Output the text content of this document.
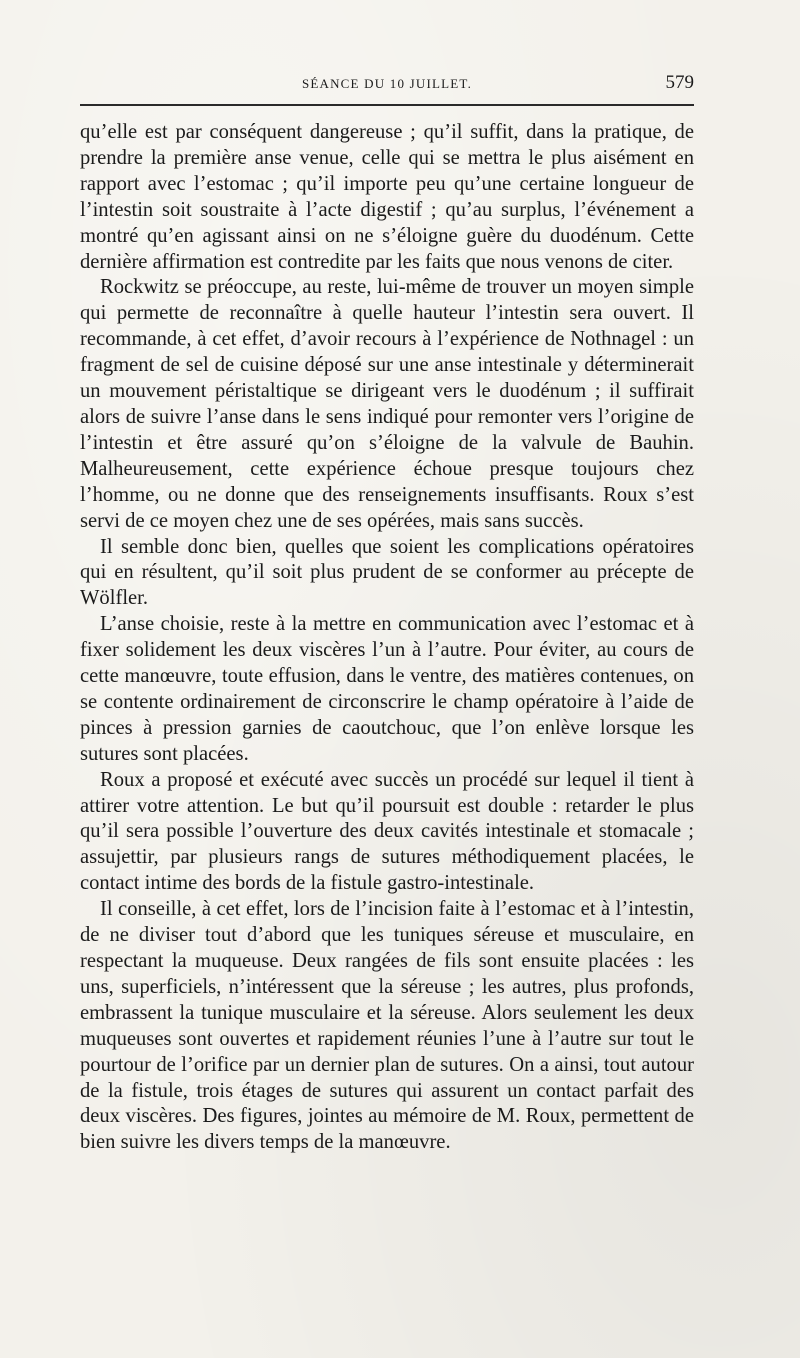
SÉANCE DU 10 JUILLET.	579

qu’elle est par conséquent dangereuse ; qu’il suffit, dans la pratique, de prendre la première anse venue, celle qui se mettra le plus aisément en rapport avec l’estomac ; qu’il importe peu qu’une certaine longueur de l’intestin soit soustraite à l’acte digestif ; qu’au surplus, l’événement a montré qu’en agissant ainsi on ne s’éloigne guère du duodénum. Cette dernière affirmation est contredite par les faits que nous venons de citer.

Rockwitz se préoccupe, au reste, lui-même de trouver un moyen simple qui permette de reconnaître à quelle hauteur l’intestin sera ouvert. Il recommande, à cet effet, d’avoir recours à l’expérience de Nothnagel : un fragment de sel de cuisine déposé sur une anse intestinale y déterminerait un mouvement péristaltique se dirigeant vers le duodénum ; il suffirait alors de suivre l’anse dans le sens indiqué pour remonter vers l’origine de l’intestin et être assuré qu’on s’éloigne de la valvule de Bauhin. Malheureusement, cette expérience échoue presque toujours chez l’homme, ou ne donne que des renseignements insuffisants. Roux s’est servi de ce moyen chez une de ses opérées, mais sans succès.

Il semble donc bien, quelles que soient les complications opératoires qui en résultent, qu’il soit plus prudent de se conformer au précepte de Wölfler.

L’anse choisie, reste à la mettre en communication avec l’estomac et à fixer solidement les deux viscères l’un à l’autre. Pour éviter, au cours de cette manœuvre, toute effusion, dans le ventre, des matières contenues, on se contente ordinairement de circonscrire le champ opératoire à l’aide de pinces à pression garnies de caoutchouc, que l’on enlève lorsque les sutures sont placées.

Roux a proposé et exécuté avec succès un procédé sur lequel il tient à attirer votre attention. Le but qu’il poursuit est double : retarder le plus qu’il sera possible l’ouverture des deux cavités intestinale et stomacale ; assujettir, par plusieurs rangs de sutures méthodiquement placées, le contact intime des bords de la fistule gastro-intestinale.

Il conseille, à cet effet, lors de l’incision faite à l’estomac et à l’intestin, de ne diviser tout d’abord que les tuniques séreuse et musculaire, en respectant la muqueuse. Deux rangées de fils sont ensuite placées : les uns, superficiels, n’intéressent que la séreuse ; les autres, plus profonds, embrassent la tunique musculaire et la séreuse. Alors seulement les deux muqueuses sont ouvertes et rapidement réunies l’une à l’autre sur tout le pourtour de l’orifice par un dernier plan de sutures. On a ainsi, tout autour de la fistule, trois étages de sutures qui assurent un contact parfait des deux viscères. Des figures, jointes au mémoire de M. Roux, permettent de bien suivre les divers temps de la manœuvre.
